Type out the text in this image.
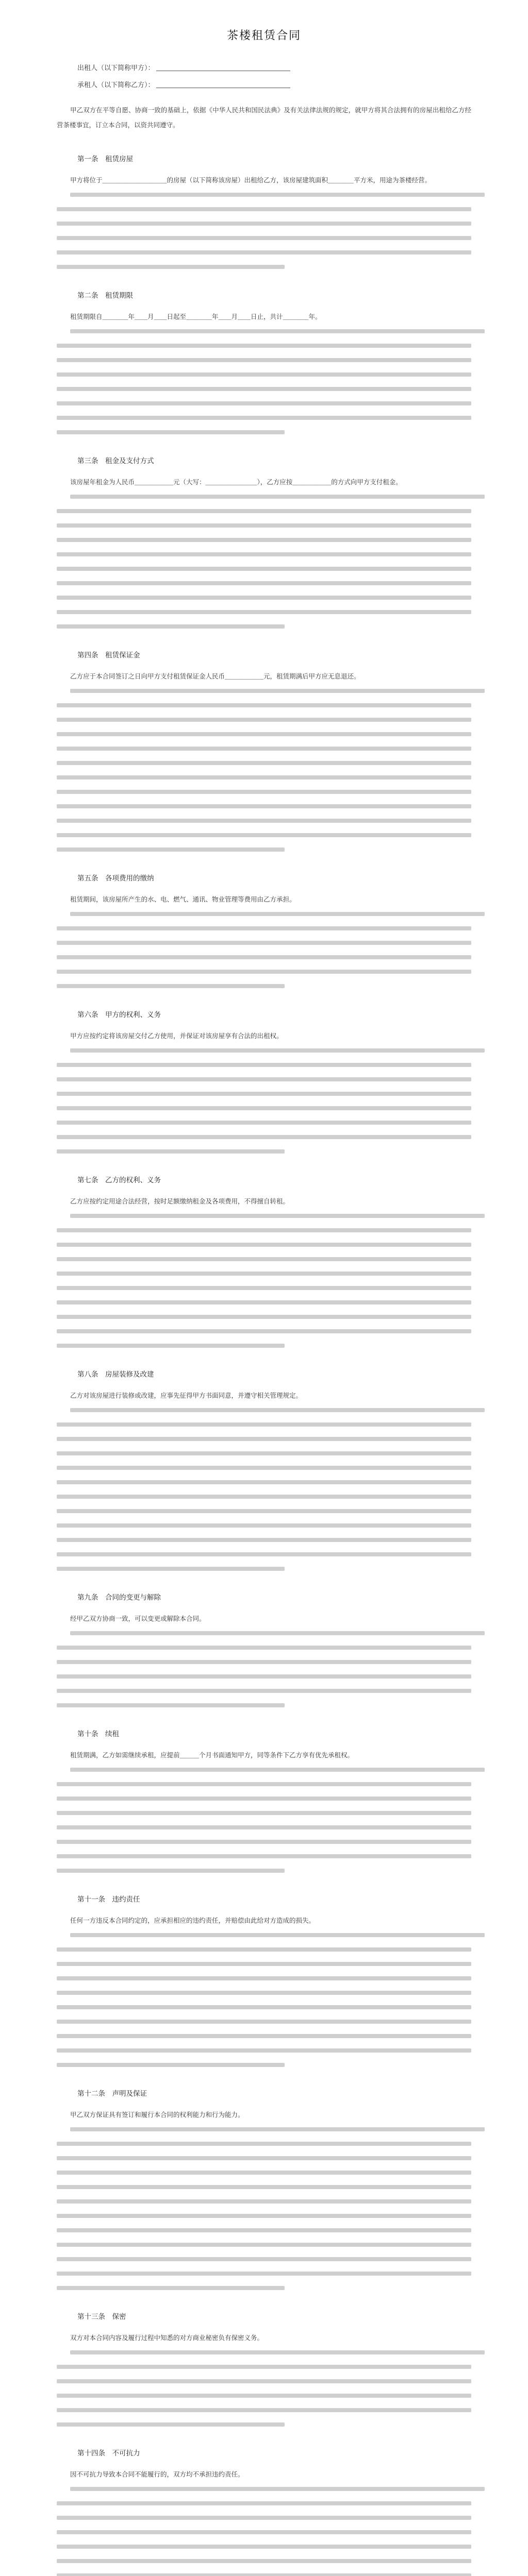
茶楼租赁合同
出租人（以下简称甲方）：
承租人（以下简称乙方）：
甲乙双方在平等自愿、协商一致的基础上，依据《中华人民共和国民法典》及有关法律法规的规定，就甲方将其合法拥有的房屋出租给乙方经营茶楼事宜，订立本合同，以资共同遵守。
第一条　租赁房屋
甲方将位于＿＿＿＿＿＿＿＿＿＿的房屋（以下简称该房屋）出租给乙方，该房屋建筑面积＿＿＿＿平方米，用途为茶楼经营。
第二条　租赁期限
租赁期限自＿＿＿＿年＿＿月＿＿日起至＿＿＿＿年＿＿月＿＿日止，共计＿＿＿＿年。
第三条　租金及支付方式
该房屋年租金为人民币＿＿＿＿＿＿元（大写：＿＿＿＿＿＿＿＿），乙方应按＿＿＿＿＿＿的方式向甲方支付租金。
第四条　租赁保证金
乙方应于本合同签订之日向甲方支付租赁保证金人民币＿＿＿＿＿＿元，租赁期满后甲方应无息退还。
第五条　各项费用的缴纳
租赁期间，该房屋所产生的水、电、燃气、通讯、物业管理等费用由乙方承担。
第六条　甲方的权利、义务
甲方应按约定将该房屋交付乙方使用，并保证对该房屋享有合法的出租权。
第七条　乙方的权利、义务
乙方应按约定用途合法经营，按时足额缴纳租金及各项费用，不得擅自转租。
第八条　房屋装修及改建
乙方对该房屋进行装修或改建，应事先征得甲方书面同意，并遵守相关管理规定。
第九条　合同的变更与解除
经甲乙双方协商一致，可以变更或解除本合同。
第十条　续租
租赁期满，乙方如需继续承租，应提前＿＿＿个月书面通知甲方，同等条件下乙方享有优先承租权。
第十一条　违约责任
任何一方违反本合同约定的，应承担相应的违约责任，并赔偿由此给对方造成的损失。
第十二条　声明及保证
甲乙双方保证具有签订和履行本合同的权利能力和行为能力。
第十三条　保密
双方对本合同内容及履行过程中知悉的对方商业秘密负有保密义务。
第十四条　不可抗力
因不可抗力导致本合同不能履行的，双方均不承担违约责任。
